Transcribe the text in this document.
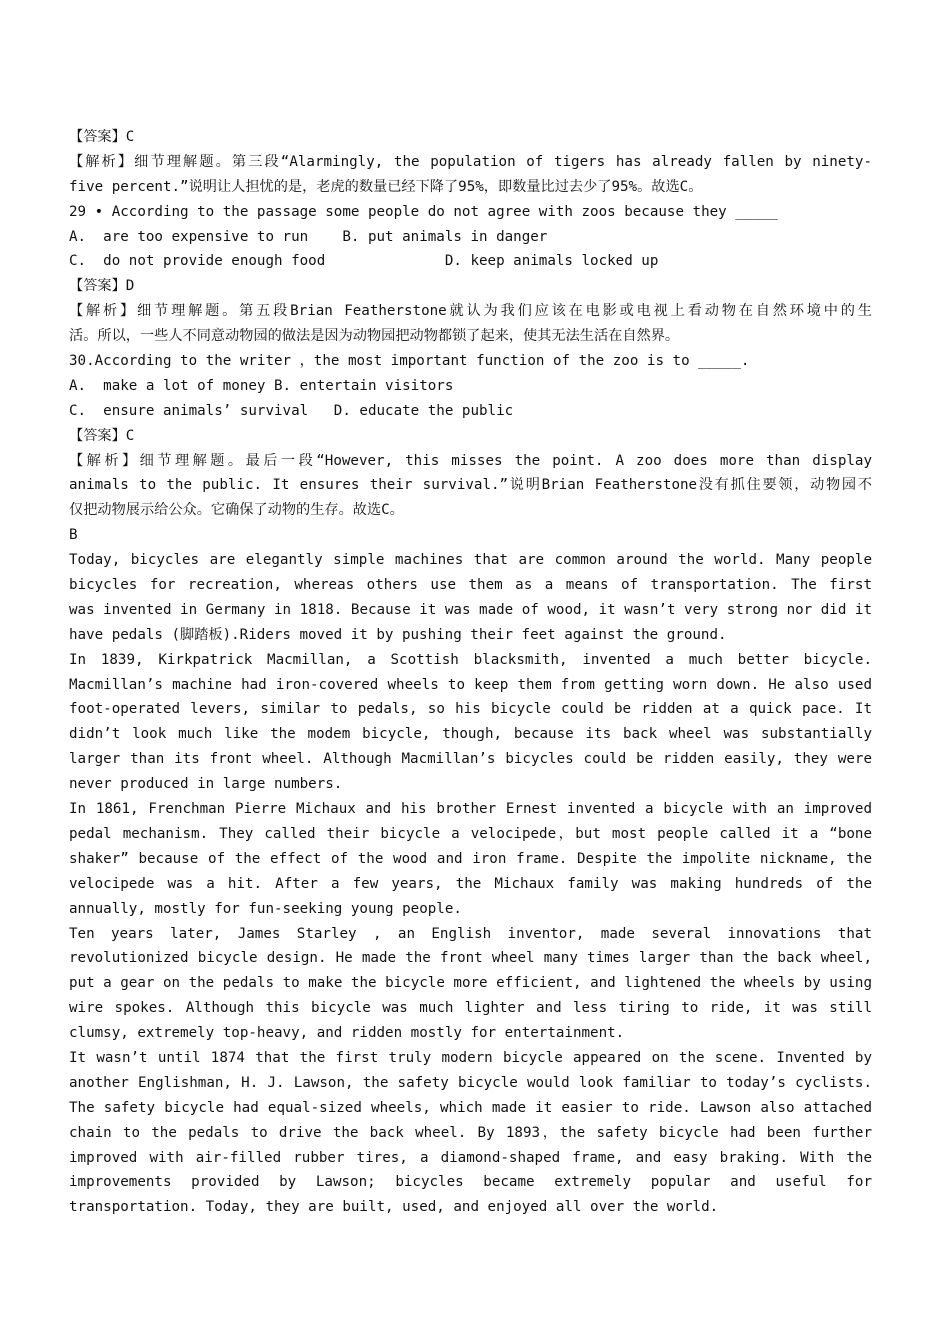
【答案】C
【解析】细节理解题。第三段“Alarmingly, the population of tigers has already fallen by ninety-
five percent.”说明让人担忧的是，老虎的数量已经下降了95%，即数量比过去少了95%。故选C。
29 • According to the passage some people do not agree with zoos because they _____
A.  are too expensive to run    B. put animals in danger
C.  do not provide enough food              D. keep animals locked up
【答案】D
【解析】细节理解题。第五段Brian Featherstone就认为我们应该在电影或电视上看动物在自然环境中的生
活。所以，一些人不同意动物园的做法是因为动物园把动物都锁了起来，使其无法生活在自然界。
30.According to the writer ，the most important function of the zoo is to _____.
A.  make a lot of money B. entertain visitors
C.  ensure animals’ survival   D. educate the public
【答案】C
【解析】细节理解题。最后一段“However, this misses the point. A zoo does more than display
animals to the public. It ensures their survival.”说明Brian Featherstone没有抓住要领，动物园不
仅把动物展示给公众。它确保了动物的生存。故选C。
B
Today, bicycles are elegantly simple machines that are common around the world. Many people
bicycles for recreation, whereas others use them as a means of transportation. The first
was invented in Germany in 1818. Because it was made of wood, it wasn’t very strong nor did it
have pedals (脚踏板).Riders moved it by pushing their feet against the ground.
In 1839, Kirkpatrick Macmillan, a Scottish blacksmith, invented a much better bicycle.
Macmillan’s machine had iron-covered wheels to keep them from getting worn down. He also used
foot-operated levers, similar to pedals, so his bicycle could be ridden at a quick pace. It
didn’t look much like the modem bicycle, though, because its back wheel was substantially
larger than its front wheel. Although Macmillan’s bicycles could be ridden easily, they were
never produced in large numbers.
In 1861, Frenchman Pierre Michaux and his brother Ernest invented a bicycle with an improved
pedal mechanism. They called their bicycle a velocipede，but most people called it a “bone
shaker” because of the effect of the wood and iron frame. Despite the impolite nickname, the
velocipede was a hit. After a few years, the Michaux family was making hundreds of the
annually, mostly for fun-seeking young people.
Ten years later, James Starley , an English inventor, made several innovations that
revolutionized bicycle design. He made the front wheel many times larger than the back wheel,
put a gear on the pedals to make the bicycle more efficient, and lightened the wheels by using
wire spokes. Although this bicycle was much lighter and less tiring to ride, it was still
clumsy, extremely top-heavy, and ridden mostly for entertainment.
It wasn’t until 1874 that the first truly modern bicycle appeared on the scene. Invented by
another Englishman, H. J. Lawson, the safety bicycle would look familiar to today’s cyclists.
The safety bicycle had equal-sized wheels, which made it easier to ride. Lawson also attached
chain to the pedals to drive the back wheel. By 1893，the safety bicycle had been further
improved with air-filled rubber tires, a diamond-shaped frame, and easy braking. With the
improvements provided by Lawson; bicycles became extremely popular and useful for
transportation. Today, they are built, used, and enjoyed all over the world.
